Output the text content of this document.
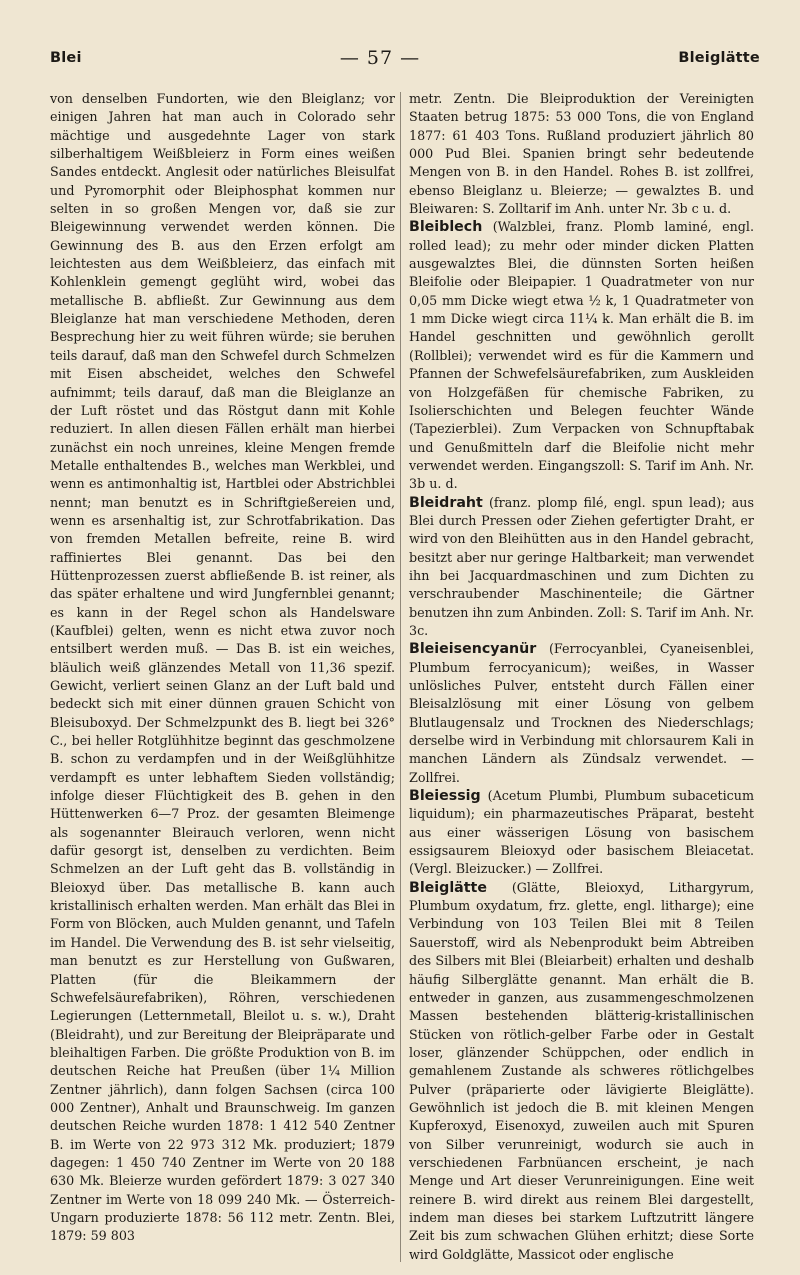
Blei	— 57 —	Bleiglätte

von denselben Fundorten, wie den Bleiglanz; vor einigen Jahren hat man auch in Colorado sehr mächtige und ausgedehnte Lager von stark silberhaltigem Weißbleierz in Form eines weißen Sandes entdeckt. Anglesit oder natürliches Bleisulfat und Pyromorphit oder Bleiphosphat kommen nur selten in so großen Mengen vor, daß sie zur Bleigewinnung verwendet werden können. Die Gewinnung des B. aus den Erzen erfolgt am leichtesten aus dem Weißbleierz, das einfach mit Kohlenklein gemengt geglüht wird, wobei das metallische B. abfließt. Zur Gewinnung aus dem Bleiglanze hat man verschiedene Methoden, deren Besprechung hier zu weit führen würde; sie beruhen teils darauf, daß man den Schwefel durch Schmelzen mit Eisen abscheidet, welches den Schwefel aufnimmt; teils darauf, daß man die Bleiglanze an der Luft röstet und das Röstgut dann mit Kohle reduziert. In allen diesen Fällen erhält man hierbei zunächst ein noch unreines, kleine Mengen fremde Metalle enthaltendes B., welches man Werkblei, und wenn es antimonhaltig ist, Hartblei oder Abstrichblei nennt; man benutzt es in Schriftgießereien und, wenn es arsenhaltig ist, zur Schrotfabrikation. Das von fremden Metallen befreite, reine B. wird raffiniertes Blei genannt. Das bei den Hüttenprozessen zuerst abfließende B. ist reiner, als das später erhaltene und wird Jungfernblei genannt; es kann in der Regel schon als Handelsware (Kaufblei) gelten, wenn es nicht etwa zuvor noch entsilbert werden muß. — Das B. ist ein weiches, bläulich weiß glänzendes Metall von 11,36 spezif. Gewicht, verliert seinen Glanz an der Luft bald und bedeckt sich mit einer dünnen grauen Schicht von Bleisuboxyd. Der Schmelzpunkt des B. liegt bei 326° C., bei heller Rotglühhitze beginnt das geschmolzene B. schon zu verdampfen und in der Weißglühhitze verdampft es unter lebhaftem Sieden vollständig; infolge dieser Flüchtigkeit des B. gehen in den Hüttenwerken 6—7 Proz. der gesamten Bleimenge als sogenannter Bleirauch verloren, wenn nicht dafür gesorgt ist, denselben zu verdichten. Beim Schmelzen an der Luft geht das B. vollständig in Bleioxyd über. Das metallische B. kann auch kristallinisch erhalten werden. Man erhält das Blei in Form von Blöcken, auch Mulden genannt, und Tafeln im Handel. Die Verwendung des B. ist sehr vielseitig, man benutzt es zur Herstellung von Gußwaren, Platten (für die Bleikammern der Schwefelsäurefabriken), Röhren, verschiedenen Legierungen (Letternmetall, Bleilot u. s. w.), Draht (Bleidraht), und zur Bereitung der Bleipräparate und bleihaltigen Farben. Die größte Produktion von B. im deutschen Reiche hat Preußen (über 1¼ Million Zentner jährlich), dann folgen Sachsen (circa 100 000 Zentner), Anhalt und Braunschweig. Im ganzen deutschen Reiche wurden 1878: 1 412 540 Zentner B. im Werte von 22 973 312 Mk. produziert; 1879 dagegen: 1 450 740 Zentner im Werte von 20 188 630 Mk. Bleierze wurden gefördert 1879: 3 027 340 Zentner im Werte von 18 099 240 Mk. — Österreich-Ungarn produzierte 1878: 56 112 metr. Zentn. Blei, 1879: 59 803

metr. Zentn. Die Bleiproduktion der Vereinigten Staaten betrug 1875: 53 000 Tons, die von England 1877: 61 403 Tons. Rußland produziert jährlich 80 000 Pud Blei. Spanien bringt sehr bedeutende Mengen von B. in den Handel. Rohes B. ist zollfrei, ebenso Bleiglanz u. Bleierze; — gewalztes B. und Bleiwaren: S. Zolltarif im Anh. unter Nr. 3b c u. d.

Bleiblech (Walzblei, franz. Plomb laminé, engl. rolled lead); zu mehr oder minder dicken Platten ausgewalztes Blei, die dünnsten Sorten heißen Bleifolie oder Bleipapier. 1 Quadratmeter von nur 0,05 mm Dicke wiegt etwa ½ k, 1 Quadratmeter von 1 mm Dicke wiegt circa 11¼ k. Man erhält die B. im Handel geschnitten und gewöhnlich gerollt (Rollblei); verwendet wird es für die Kammern und Pfannen der Schwefelsäurefabriken, zum Auskleiden von Holzgefäßen für chemische Fabriken, zu Isolierschichten und Belegen feuchter Wände (Tapezierblei). Zum Verpacken von Schnupftabak und Genußmitteln darf die Bleifolie nicht mehr verwendet werden. Eingangszoll: S. Tarif im Anh. Nr. 3b u. d.

Bleidraht (franz. plomp filé, engl. spun lead); aus Blei durch Pressen oder Ziehen gefertigter Draht, er wird von den Bleihütten aus in den Handel gebracht, besitzt aber nur geringe Haltbarkeit; man verwendet ihn bei Jacquardmaschinen und zum Dichten zu verschraubender Maschinenteile; die Gärtner benutzen ihn zum Anbinden. Zoll: S. Tarif im Anh. Nr. 3c.

Bleieisencyanür (Ferrocyanblei, Cyaneisenblei, Plumbum ferrocyanicum); weißes, in Wasser unlösliches Pulver, entsteht durch Fällen einer Bleisalzlösung mit einer Lösung von gelbem Blutlaugensalz und Trocknen des Niederschlags; derselbe wird in Verbindung mit chlorsaurem Kali in manchen Ländern als Zündsalz verwendet. — Zollfrei.

Bleiessig (Acetum Plumbi, Plumbum subaceticum liquidum); ein pharmazeutisches Präparat, besteht aus einer wässerigen Lösung von basischem essigsaurem Bleioxyd oder basischem Bleiacetat. (Vergl. Bleizucker.) — Zollfrei.

Bleiglätte (Glätte, Bleioxyd, Lithargyrum, Plumbum oxydatum, frz. glette, engl. litharge); eine Verbindung von 103 Teilen Blei mit 8 Teilen Sauerstoff, wird als Nebenprodukt beim Abtreiben des Silbers mit Blei (Bleiarbeit) erhalten und deshalb häufig Silberglätte genannt. Man erhält die B. entweder in ganzen, aus zusammengeschmolzenen Massen bestehenden blätterig-kristallinischen Stücken von rötlich-gelber Farbe oder in Gestalt loser, glänzender Schüppchen, oder endlich in gemahlenem Zustande als schweres rötlichgelbes Pulver (präparierte oder lävigierte Bleiglätte). Gewöhnlich ist jedoch die B. mit kleinen Mengen Kupferoxyd, Eisenoxyd, zuweilen auch mit Spuren von Silber verunreinigt, wodurch sie auch in verschiedenen Farbnüancen erscheint, je nach Menge und Art dieser Verunreinigungen. Eine weit reinere B. wird direkt aus reinem Blei dargestellt, indem man dieses bei starkem Luftzutritt längere Zeit bis zum schwachen Glühen erhitzt; diese Sorte wird Goldglätte, Massicot oder englische
